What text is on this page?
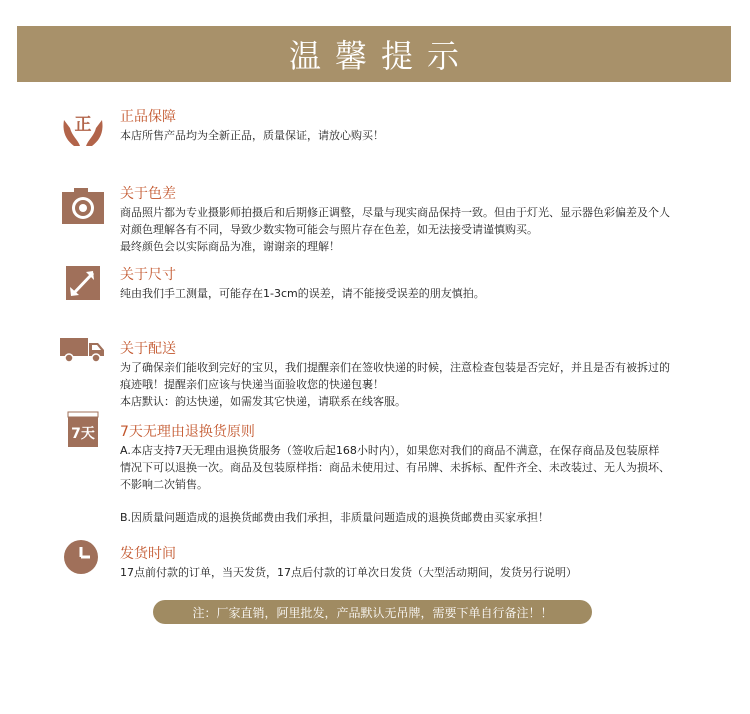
温馨提示
正 正品保障

本店所售产品均为全新正品，质量保证，请放心购买！

关于色差

商品照片都为专业摄影师拍摄后和后期修正调整，尽量与现实商品保持一致。但由于灯光、显示器色彩偏差及个人

对颜色理解各有不同，导致少数实物可能会与照片存在色差，如无法接受请谨慎购买。

最终颜色会以实际商品为准，谢谢亲的理解！

关于尺寸

纯由我们手工测量，可能存在1-3cm的误差，请不能接受误差的朋友慎拍。

关于配送

为了确保亲们能收到完好的宝贝，我们提醒亲们在签收快递的时候，注意检查包装是否完好，并且是否有被拆过的

痕迹哦！提醒亲们应该与快递当面验收您的快递包裹！

本店默认：韵达快递，如需发其它快递，请联系在线客服。

7天 7天无理由退换货原则

A.本店支持7天无理由退换货服务（签收后起168小时内），如果您对我们的商品不满意，在保存商品及包装原样

情况下可以退换一次。商品及包装原样指：商品未使用过、有吊牌、未拆标、配件齐全、未改装过、无人为损坏、

不影响二次销售。

B.因质量问题造成的退换货邮费由我们承担，非质量问题造成的退换货邮费由买家承担！

发货时间

17点前付款的订单，当天发货，17点后付款的订单次日发货（大型活动期间，发货另行说明）

注：厂家直销，阿里批发，产品默认无吊牌，需要下单自行备注！！
